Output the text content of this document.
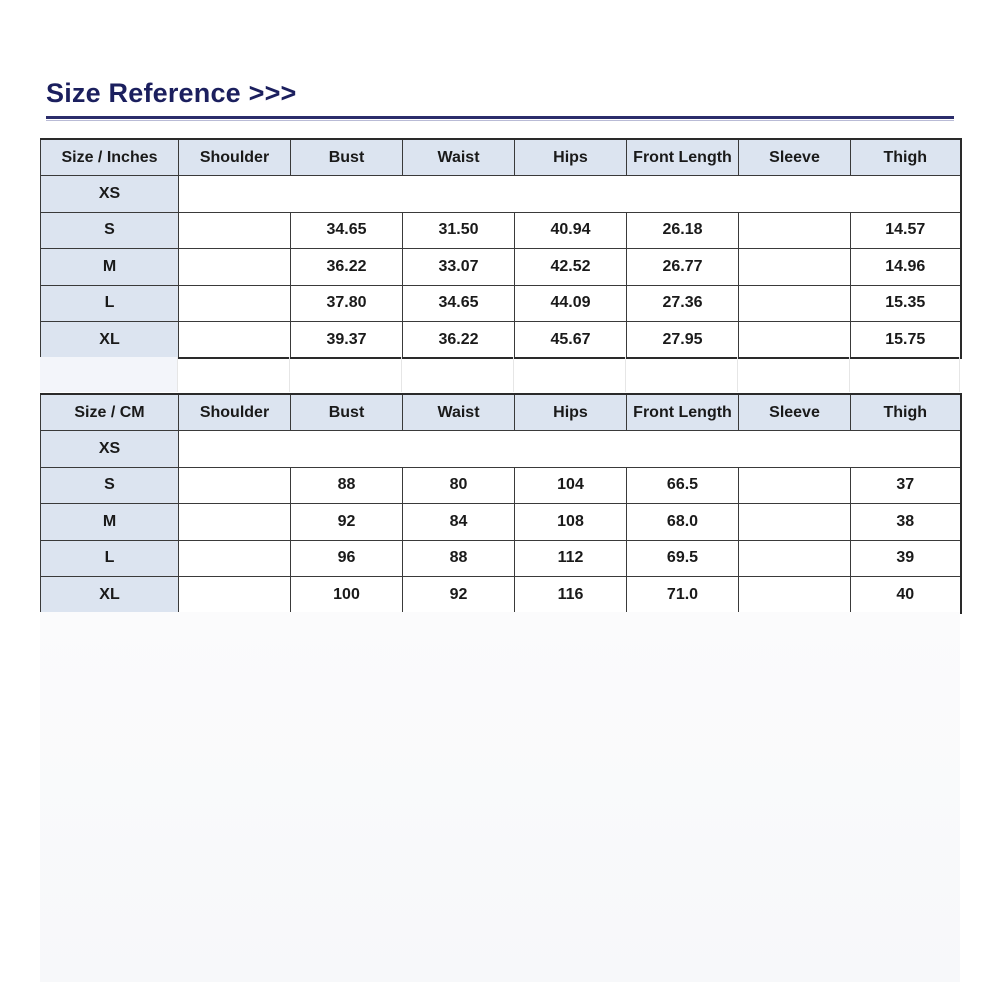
Size Reference >>>
Size / Inches	Shoulder	Bust	Waist	Hips	Front Length	Sleeve	Thigh
XS							
S		34.65	31.50	40.94	26.18		14.57
M		36.22	33.07	42.52	26.77		14.96
L		37.80	34.65	44.09	27.36		15.35
XL		39.37	36.22	45.67	27.95		15.75
Size / CM	Shoulder	Bust	Waist	Hips	Front Length	Sleeve	Thigh
XS							
S		88	80	104	66.5		37
M		92	84	108	68.0		38
L		96	88	112	69.5		39
XL		100	92	116	71.0		40
